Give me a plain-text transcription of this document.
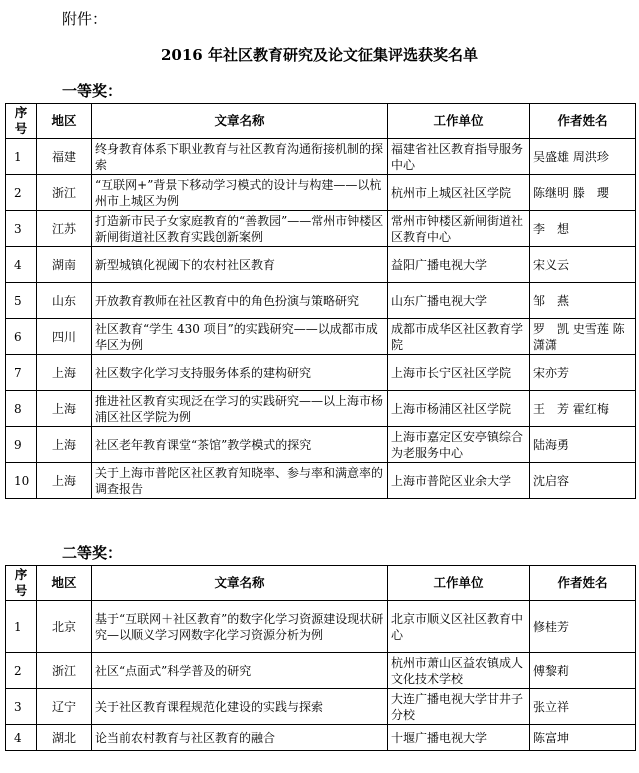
附件：
2016 年社区教育研究及论文征集评选获奖名单
一等奖：
序号	地区	文章名称	工作单位	作者姓名
1	福建	终身教育体系下职业教育与社区教育沟通衔接机制的探索	福建省社区教育指导服务中心	吴盛雄 周洪珍
2	浙江	“互联网+”背景下移动学习模式的设计与构建——以杭州市上城区为例	杭州市上城区社区学院	陈继明 滕　瓔
3	江苏	打造新市民子女家庭教育的“善教园”——常州市钟楼区新闸街道社区教育实践创新案例	常州市钟楼区新闸街道社区教育中心	李　想
4	湖南	新型城镇化视阈下的农村社区教育	益阳广播电视大学	宋义云
5	山东	开放教育教师在社区教育中的角色扮演与策略研究	山东广播电视大学	邹　燕
6	四川	社区教育“学生 430 项目”的实践研究——以成都市成华区为例	成都市成华区社区教育学院	罗　凯 史雪莲 陈潇潇
7	上海	社区数字化学习支持服务体系的建构研究	上海市长宁区社区学院	宋亦芳
8	上海	推进社区教育实现泛在学习的实践研究——以上海市杨浦区社区学院为例	上海市杨浦区社区学院	王　芳 霍红梅
9	上海	社区老年教育课堂“茶馆”教学模式的探究	上海市嘉定区安亭镇综合为老服务中心	陆海勇
10	上海	关于上海市普陀区社区教育知晓率、参与率和满意率的调查报告	上海市普陀区业余大学	沈启容
二等奖：
序号	地区	文章名称	工作单位	作者姓名
1	北京	基于“互联网＋社区教育”的数字化学习资源建设现状研究—以顺义学习网数字化学习资源分析为例	北京市顺义区社区教育中心	修桂芳
2	浙江	社区“点面式”科学普及的研究	杭州市萧山区益农镇成人文化技术学校	傅黎莉
3	辽宁	关于社区教育课程规范化建设的实践与探索	大连广播电视大学甘井子分校	张立祥
4	湖北	论当前农村教育与社区教育的融合	十堰广播电视大学	陈富坤
